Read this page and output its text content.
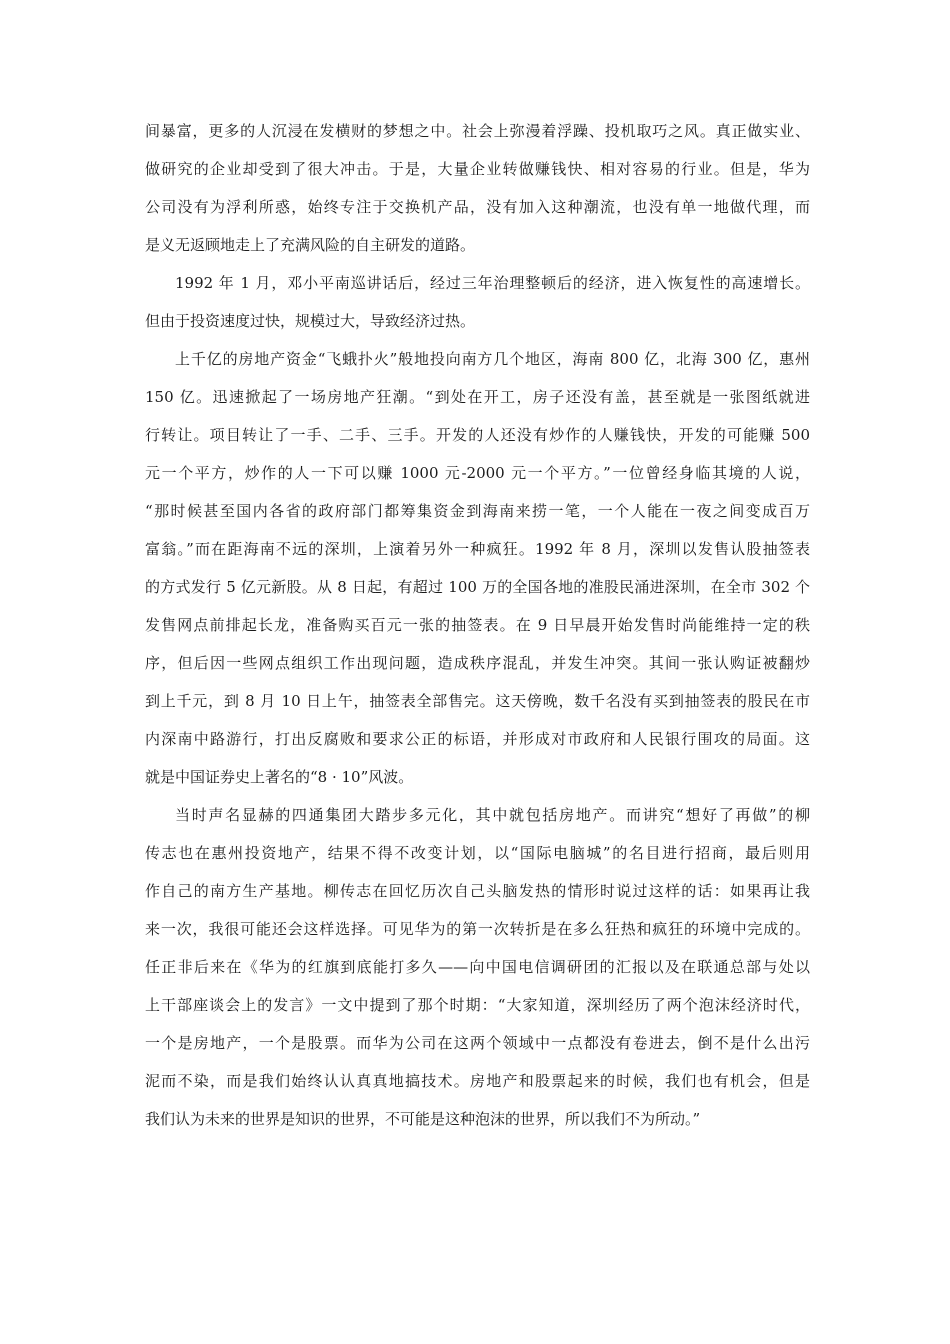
间暴富，更多的人沉浸在发横财的梦想之中。社会上弥漫着浮躁、投机取巧之风。真正做实业、
做研究的企业却受到了很大冲击。于是，大量企业转做赚钱快、相对容易的行业。但是，华为
公司没有为浮利所惑，始终专注于交换机产品，没有加入这种潮流，也没有单一地做代理，而
是义无返顾地走上了充满风险的自主研发的道路。
1992 年 1 月，邓小平南巡讲话后，经过三年治理整顿后的经济，进入恢复性的高速增长。
但由于投资速度过快，规模过大，导致经济过热。
上千亿的房地产资金“飞蛾扑火”般地投向南方几个地区，海南 800 亿，北海 300 亿，惠州
150 亿。迅速掀起了一场房地产狂潮。“到处在开工，房子还没有盖，甚至就是一张图纸就进
行转让。项目转让了一手、二手、三手。开发的人还没有炒作的人赚钱快，开发的可能赚 500
元一个平方，炒作的人一下可以赚 1000 元-2000 元一个平方。”一位曾经身临其境的人说，
“那时候甚至国内各省的政府部门都筹集资金到海南来捞一笔，一个人能在一夜之间变成百万
富翁。”而在距海南不远的深圳，上演着另外一种疯狂。1992 年 8 月，深圳以发售认股抽签表
的方式发行 5 亿元新股。从 8 日起，有超过 100 万的全国各地的准股民涌进深圳，在全市 302 个
发售网点前排起长龙，准备购买百元一张的抽签表。在 9 日早晨开始发售时尚能维持一定的秩
序，但后因一些网点组织工作出现问题，造成秩序混乱，并发生冲突。其间一张认购证被翻炒
到上千元，到 8 月 10 日上午，抽签表全部售完。这天傍晚，数千名没有买到抽签表的股民在市
内深南中路游行，打出反腐败和要求公正的标语，并形成对市政府和人民银行围攻的局面。这
就是中国证券史上著名的“8 · 10”风波。
当时声名显赫的四通集团大踏步多元化，其中就包括房地产。而讲究“想好了再做”的柳
传志也在惠州投资地产，结果不得不改变计划，以“国际电脑城”的名目进行招商，最后则用
作自己的南方生产基地。柳传志在回忆历次自己头脑发热的情形时说过这样的话：如果再让我
来一次，我很可能还会这样选择。可见华为的第一次转折是在多么狂热和疯狂的环境中完成的。
任正非后来在《华为的红旗到底能打多久——向中国电信调研团的汇报以及在联通总部与处以
上干部座谈会上的发言》一文中提到了那个时期：“大家知道，深圳经历了两个泡沫经济时代，
一个是房地产，一个是股票。而华为公司在这两个领域中一点都没有卷进去，倒不是什么出污
泥而不染，而是我们始终认认真真地搞技术。房地产和股票起来的时候，我们也有机会，但是
我们认为未来的世界是知识的世界，不可能是这种泡沫的世界，所以我们不为所动。”
